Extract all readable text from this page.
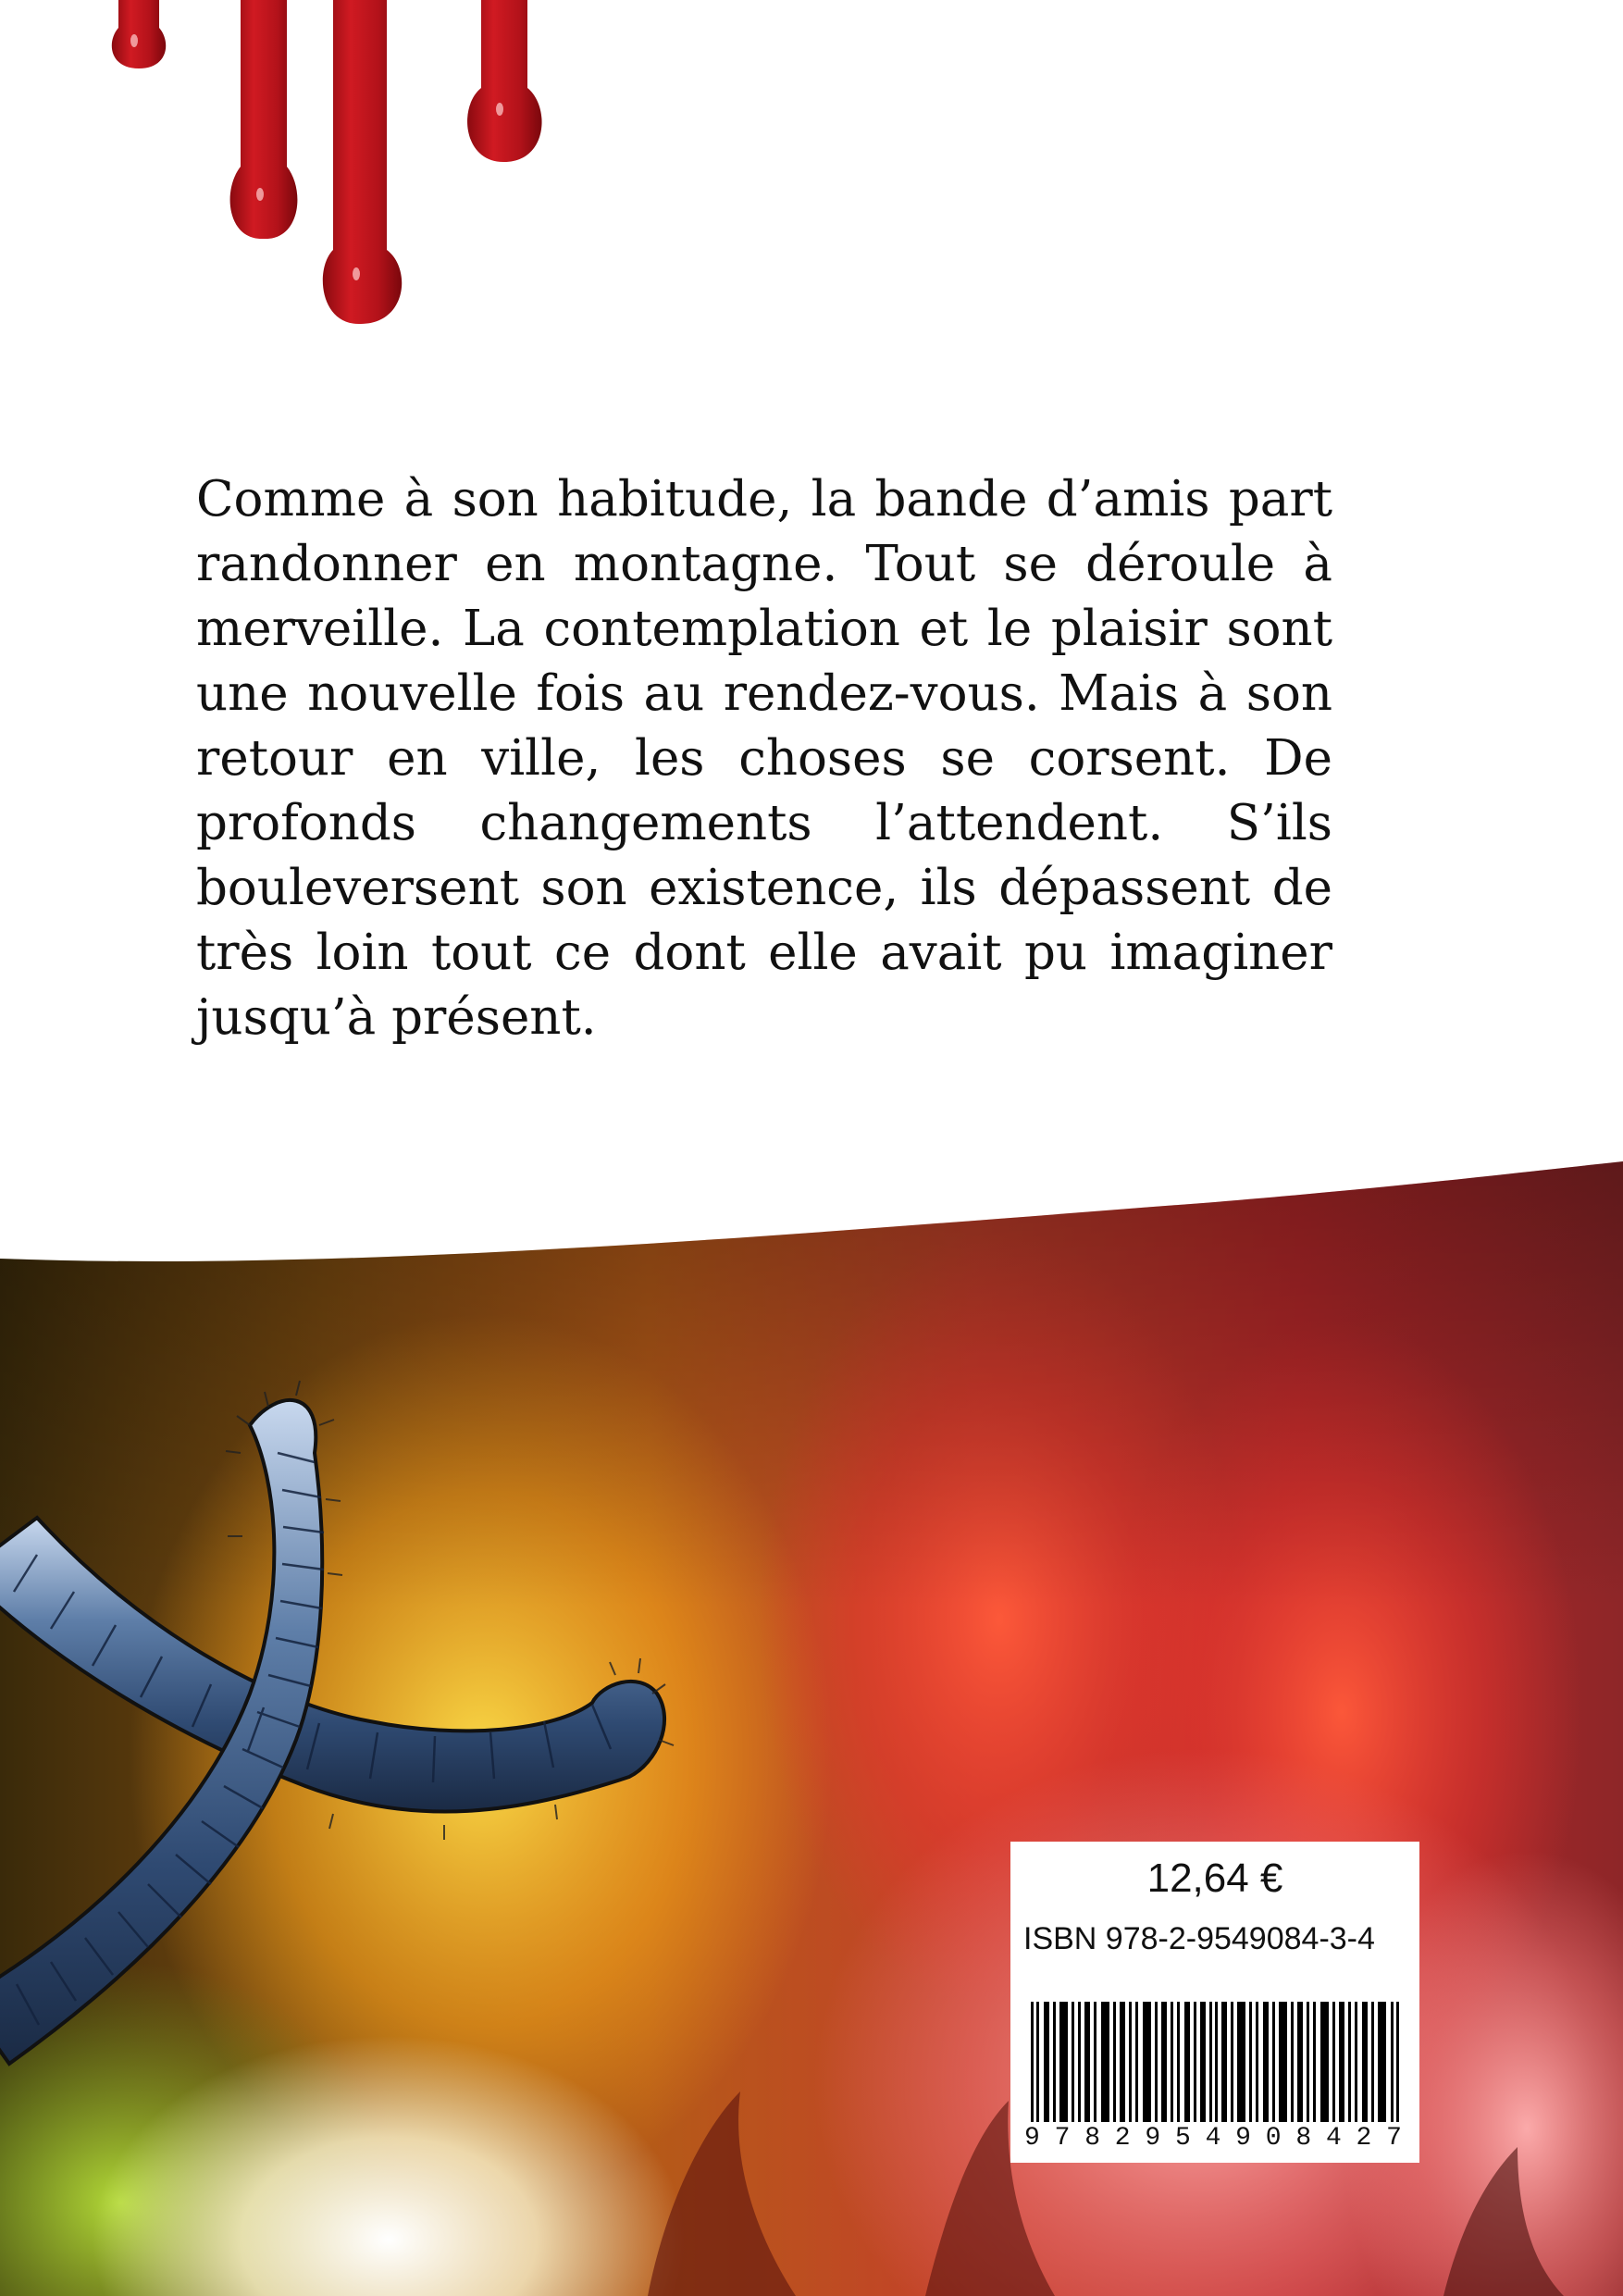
Comme à son habitude, la bande d’amis part randonner en montagne. Tout se déroule à merveille. La contemplation et le plaisir sont une nouvelle fois au rendez-vous. Mais à son retour en ville, les choses se corsent. De profonds changements l’attendent. S’ils bouleversent son existence, ils dépassent de très loin tout ce dont elle avait pu imaginer jusqu’à présent.

12,64 €
ISBN 978-2-9549084-3-4
9 7 8 2 9 5 4 9 0 8 4 2 7
